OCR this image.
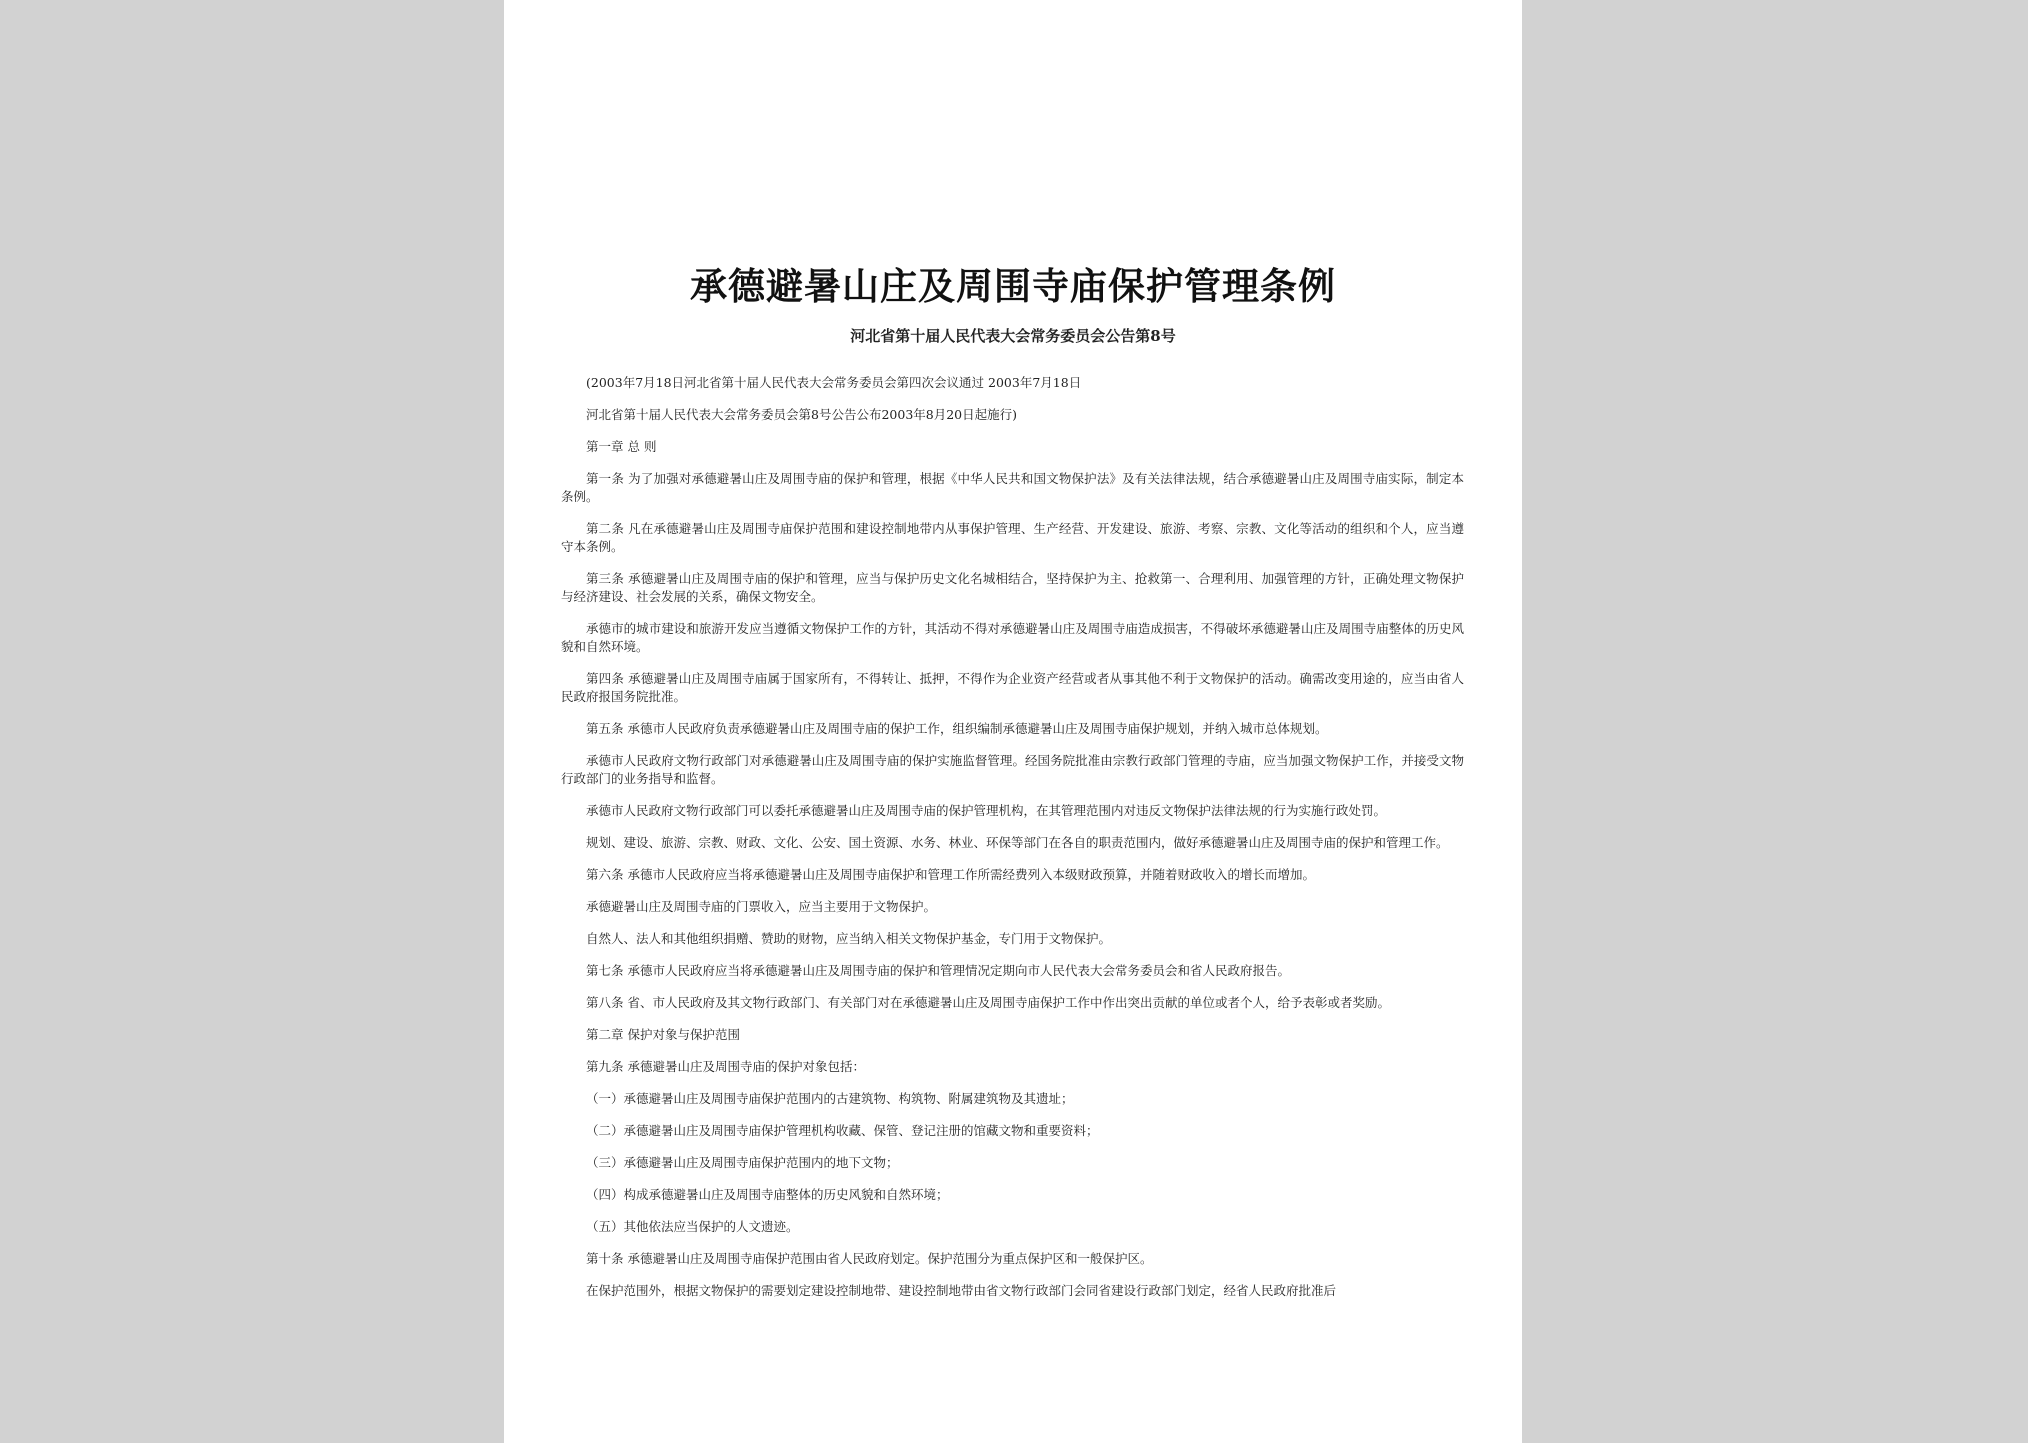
承德避暑山庄及周围寺庙保护管理条例
河北省第十届人民代表大会常务委员会公告第8号

(2003年7月18日河北省第十届人民代表大会常务委员会第四次会议通过 2003年7月18日

河北省第十届人民代表大会常务委员会第8号公告公布2003年8月20日起施行)

第一章 总 则

第一条 为了加强对承德避暑山庄及周围寺庙的保护和管理，根据《中华人民共和国文物保护法》及有关法律法规，结合承德避暑山庄及周围寺庙实际，制定本条例。

第二条 凡在承德避暑山庄及周围寺庙保护范围和建设控制地带内从事保护管理、生产经营、开发建设、旅游、考察、宗教、文化等活动的组织和个人，应当遵守本条例。

第三条 承德避暑山庄及周围寺庙的保护和管理，应当与保护历史文化名城相结合，坚持保护为主、抢救第一、合理利用、加强管理的方针，正确处理文物保护与经济建设、社会发展的关系，确保文物安全。

承德市的城市建设和旅游开发应当遵循文物保护工作的方针，其活动不得对承德避暑山庄及周围寺庙造成损害，不得破坏承德避暑山庄及周围寺庙整体的历史风貌和自然环境。

第四条 承德避暑山庄及周围寺庙属于国家所有，不得转让、抵押，不得作为企业资产经营或者从事其他不利于文物保护的活动。确需改变用途的，应当由省人民政府报国务院批准。

第五条 承德市人民政府负责承德避暑山庄及周围寺庙的保护工作，组织编制承德避暑山庄及周围寺庙保护规划，并纳入城市总体规划。

承德市人民政府文物行政部门对承德避暑山庄及周围寺庙的保护实施监督管理。经国务院批准由宗教行政部门管理的寺庙，应当加强文物保护工作，并接受文物行政部门的业务指导和监督。

承德市人民政府文物行政部门可以委托承德避暑山庄及周围寺庙的保护管理机构，在其管理范围内对违反文物保护法律法规的行为实施行政处罚。

规划、建设、旅游、宗教、财政、文化、公安、国土资源、水务、林业、环保等部门在各自的职责范围内，做好承德避暑山庄及周围寺庙的保护和管理工作。

第六条 承德市人民政府应当将承德避暑山庄及周围寺庙保护和管理工作所需经费列入本级财政预算，并随着财政收入的增长而增加。

承德避暑山庄及周围寺庙的门票收入，应当主要用于文物保护。

自然人、法人和其他组织捐赠、赞助的财物，应当纳入相关文物保护基金，专门用于文物保护。

第七条 承德市人民政府应当将承德避暑山庄及周围寺庙的保护和管理情况定期向市人民代表大会常务委员会和省人民政府报告。

第八条 省、市人民政府及其文物行政部门、有关部门对在承德避暑山庄及周围寺庙保护工作中作出突出贡献的单位或者个人，给予表彰或者奖励。

第二章 保护对象与保护范围

第九条 承德避暑山庄及周围寺庙的保护对象包括：

（一）承德避暑山庄及周围寺庙保护范围内的古建筑物、构筑物、附属建筑物及其遗址；

（二）承德避暑山庄及周围寺庙保护管理机构收藏、保管、登记注册的馆藏文物和重要资料；

（三）承德避暑山庄及周围寺庙保护范围内的地下文物；

（四）构成承德避暑山庄及周围寺庙整体的历史风貌和自然环境；

（五）其他依法应当保护的人文遗迹。

第十条 承德避暑山庄及周围寺庙保护范围由省人民政府划定。保护范围分为重点保护区和一般保护区。

在保护范围外，根据文物保护的需要划定建设控制地带、建设控制地带由省文物行政部门会同省建设行政部门划定，经省人民政府批准后
